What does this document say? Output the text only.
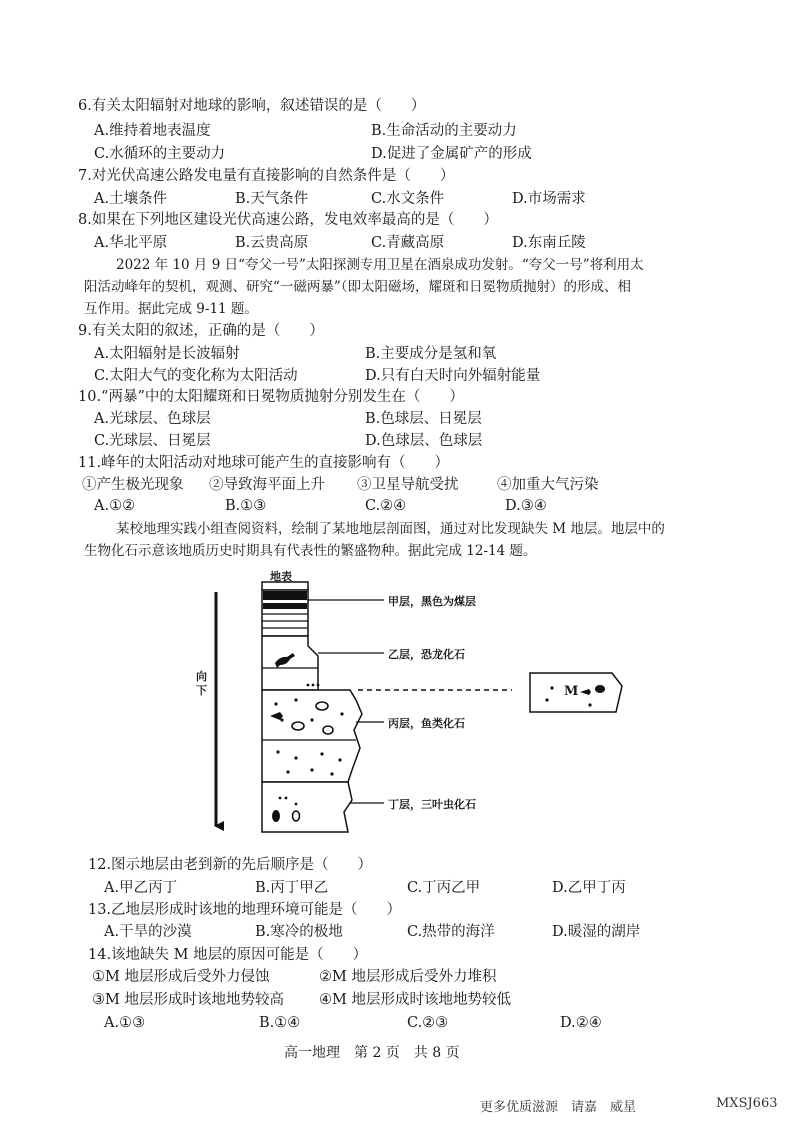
6.有关太阳辐射对地球的影响，叙述错误的是（　　）
A.维持着地表温度	B.生命活动的主要动力
C.水循环的主要动力	D.促进了金属矿产的形成
7.对光伏高速公路发电量有直接影响的自然条件是（　　）
A.土壤条件	B.天气条件	C.水文条件	D.市场需求
8.如果在下列地区建设光伏高速公路，发电效率最高的是（　　）
A.华北平原	B.云贵高原	C.青藏高原	D.东南丘陵
2022 年 10 月 9 日“夸父一号”太阳探测专用卫星在酒泉成功发射。“夸父一号”将利用太
阳活动峰年的契机，观测、研究“一磁两暴”（即太阳磁场，耀斑和日冕物质抛射）的形成、相
互作用。据此完成 9-11 题。
9.有关太阳的叙述，正确的是（　　）
A.太阳辐射是长波辐射	B.主要成分是氢和氧
C.太阳大气的变化称为太阳活动	D.只有白天时向外辐射能量
10.“两暴”中的太阳耀斑和日冕物质抛射分别发生在（　　）
A.光球层、色球层	B.色球层、日冕层
C.光球层、日冕层	D.色球层、色球层
11.峰年的太阳活动对地球可能产生的直接影响有（　　）
①产生极光现象 ②导致海平面上升 ③卫星导航受扰	④加重大气污染
A.①②	B.①③	C.②④	D.③④
某校地理实践小组查阅资料，绘制了某地地层剖面图，通过对比发现缺失 M 地层。地层中的
生物化石示意该地质历史时期具有代表性的繁盛物种。据此完成 12-14 题。
地表
向下
甲层，黑色为煤层
乙层，恐龙化石
丙层，鱼类化石
丁层，三叶虫化石
M
12.图示地层由老到新的先后顺序是（　　）
A.甲乙丙丁	B.丙丁甲乙	C.丁丙乙甲	D.乙甲丁丙
13.乙地层形成时该地的地理环境可能是（　　）
A.干旱的沙漠	B.寒冷的极地	C.热带的海洋	D.暖湿的湖岸
14.该地缺失 M 地层的原因可能是（　　）
①M 地层形成后受外力侵蚀	②M 地层形成后受外力堆积
③M 地层形成时该地地势较高 ④M 地层形成时该地地势较低
A.①③	B.①④	C.②③	D.②④
高一地理　第 2 页　共 8 页
更多优质滋源　请嘉　威星	MXSJ663
